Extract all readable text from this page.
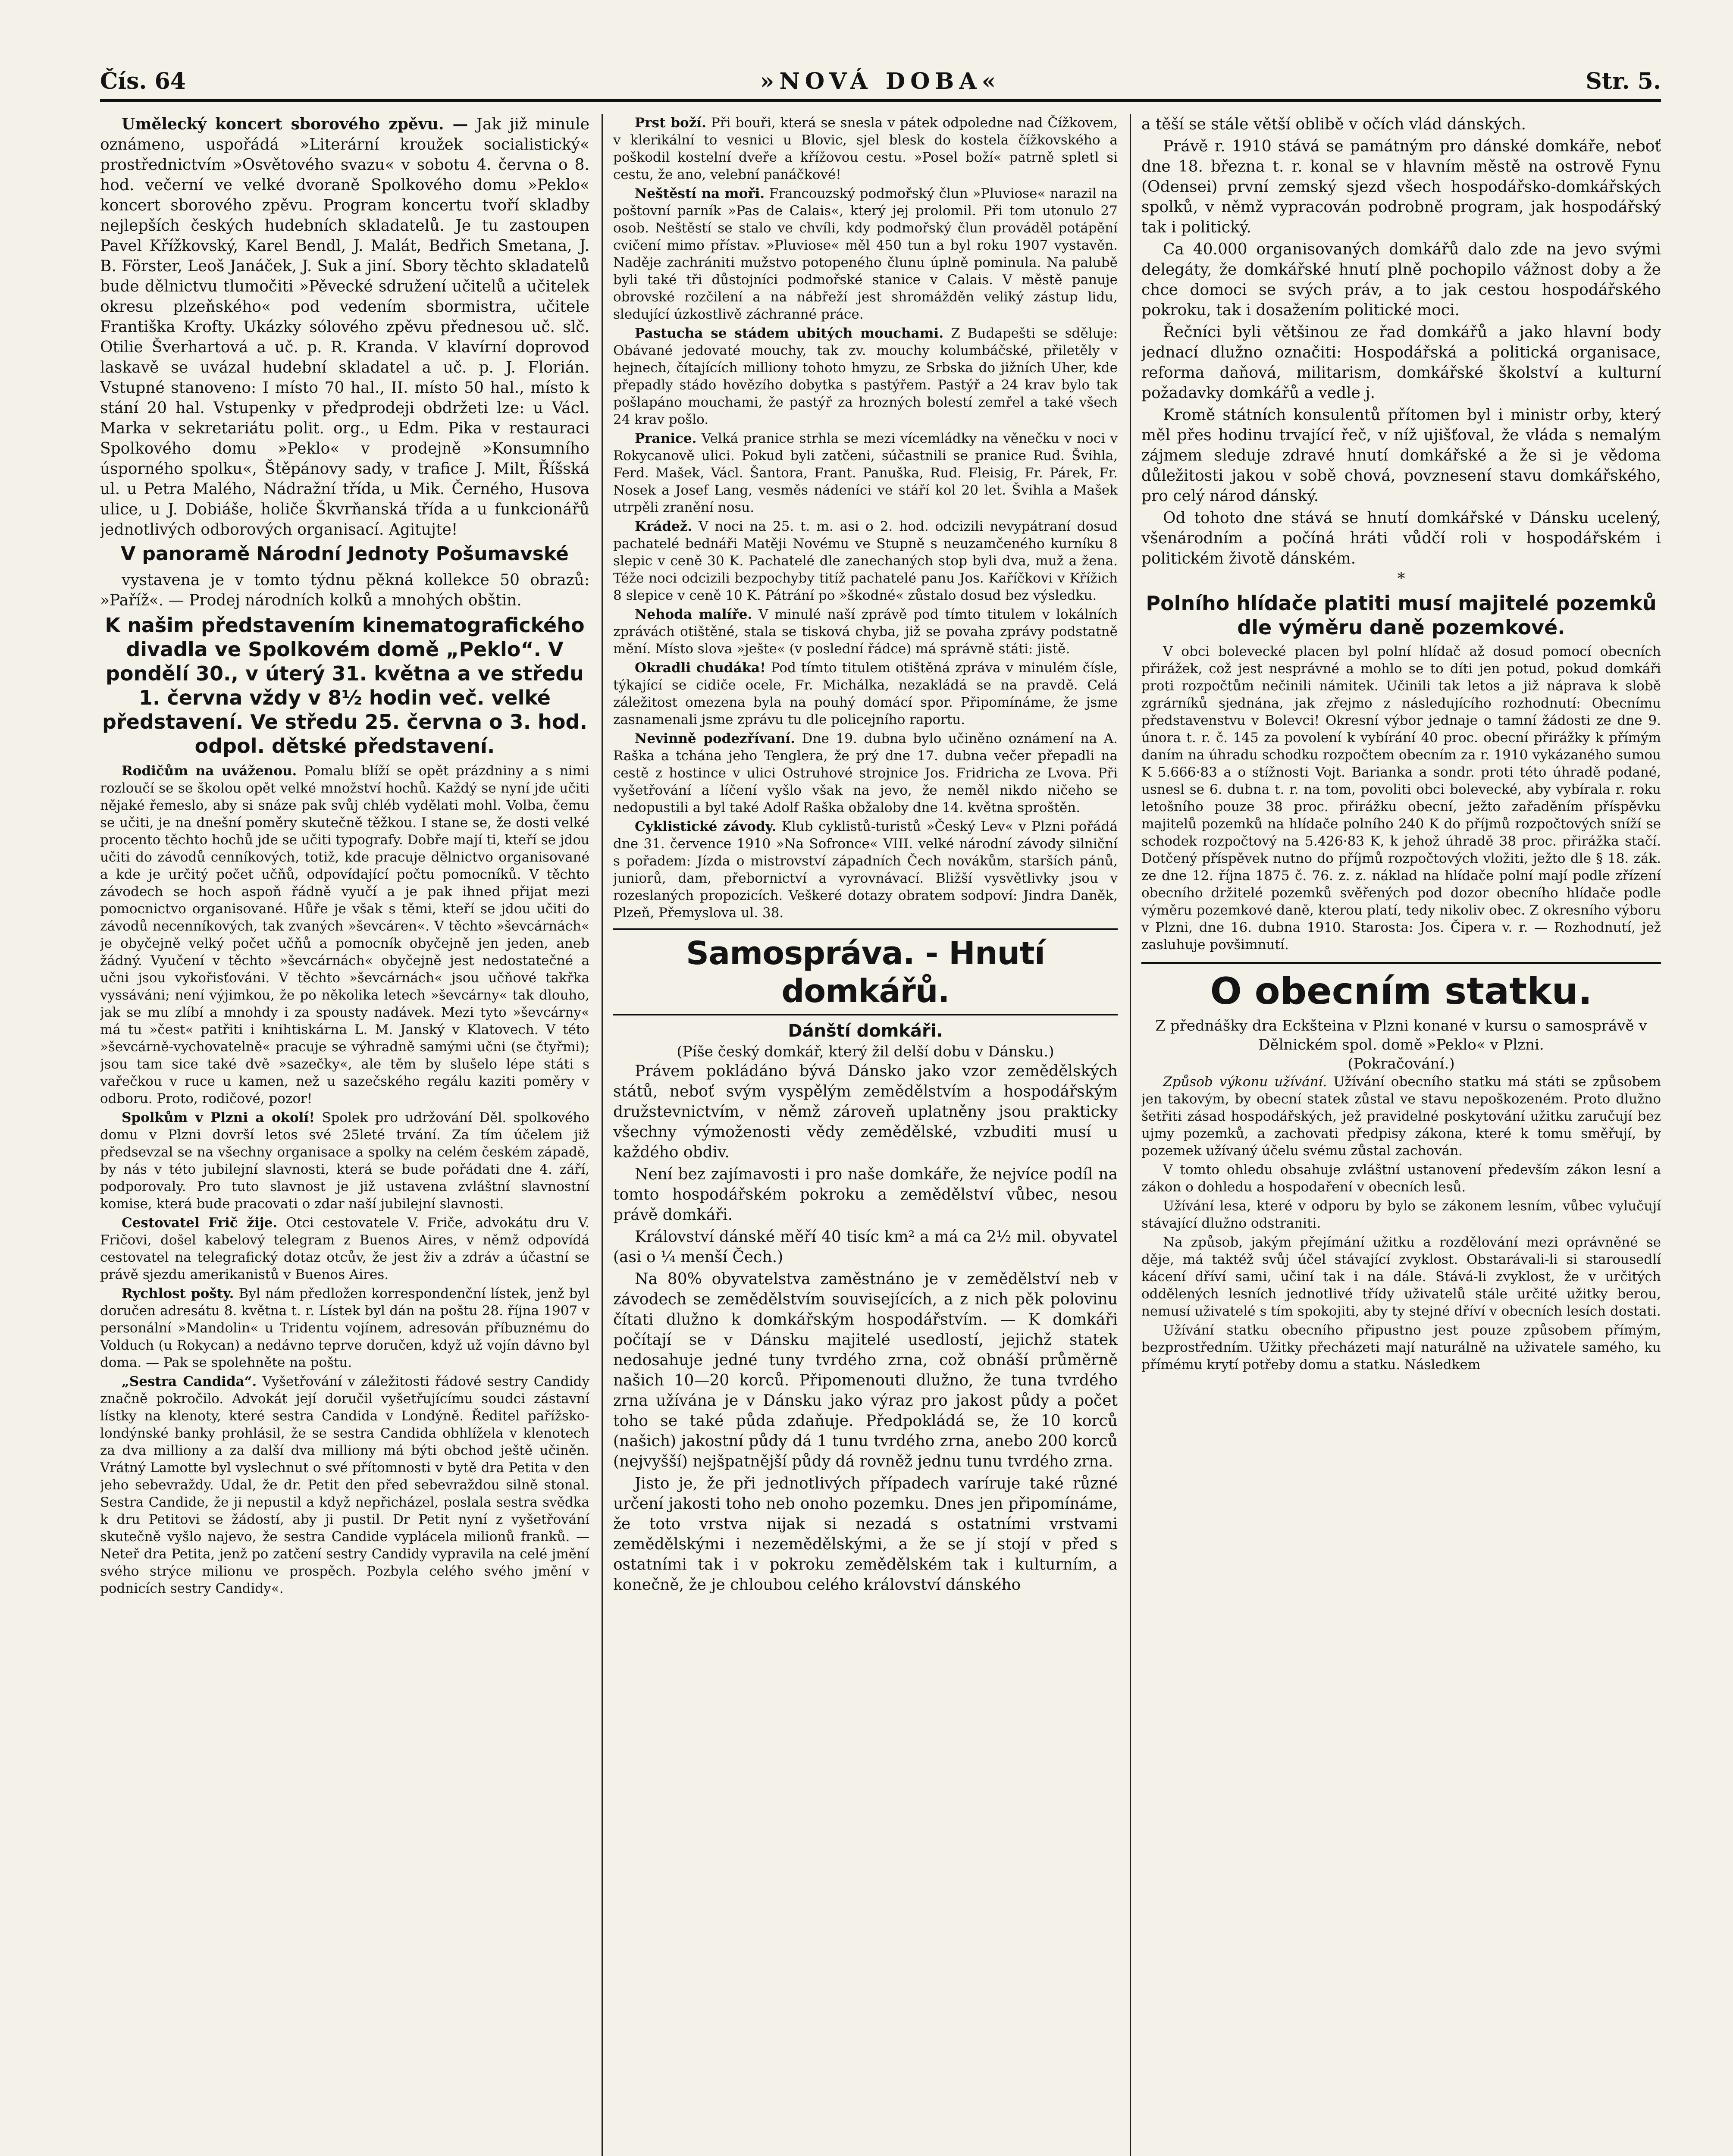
Čís. 64	»NOVÁ DOBA«	Str. 5.

Umělecký koncert sborového zpěvu. — Jak již minule oznámeno, uspořádá »Literární kroužek socialistický« prostřednictvím »Osvětového svazu« v sobotu 4. června o 8. hod. večerní ve velké dvoraně Spolkového domu »Peklo« koncert sborového zpěvu. Program koncertu tvoří skladby nejlepších českých hudebních skladatelů. Je tu zastoupen Pavel Křížkovský, Karel Bendl, J. Malát, Bedřich Smetana, J. B. Förster, Leoš Janáček, J. Suk a jiní. Sbory těchto skladatelů bude dělnictvu tlumočiti »Pěvecké sdružení učitelů a učitelek okresu plzeňského« pod vedením sbormistra, učitele Františka Krofty. Ukázky sólového zpěvu přednesou uč. slč. Otilie Šverhartová a uč. p. R. Kranda. V klavírní doprovod laskavě se uvázal hudební skladatel a uč. p. J. Florián. Vstupné stanoveno: I místo 70 hal., II. místo 50 hal., místo k stání 20 hal. Vstupenky v předprodeji obdržeti lze: u Václ. Marka v sekretariátu polit. org., u Edm. Pika v restauraci Spolkového domu »Peklo« v prodejně »Konsumního úsporného spolku«, Štěpánovy sady, v trafice J. Milt, Říšská ul. u Petra Malého, Nádražní třída, u Mik. Černého, Husova ulice, u J. Dobiáše, holiče Škvrňanská třída a u funkcionářů jednotlivých odborových organisací. Agitujte!

V panoramě Národní Jednoty Pošumavské

vystavena je v tomto týdnu pěkná kollekce 50 obrazů: »Paříž«. — Prodej národních kolků a mnohých obštin.

K našim představením kinematografického divadla ve Spolkovém domě „Peklo“. V pondělí 30., v úterý 31. května a ve středu 1. června vždy v 8½ hodin več. velké představení. Ve středu 25. června o 3. hod. odpol. dětské představení.

Rodičům na uváženou. Pomalu blíží se opět prázdniny a s nimi rozloučí se se školou opět velké množství hochů. Každý se nyní jde učiti nějaké řemeslo, aby si snáze pak svůj chléb vydělati mohl. Volba, čemu se učiti, je na dnešní poměry skutečně těžkou. I stane se, že dosti velké procento těchto hochů jde se učiti typografy. Dobře mají ti, kteří se jdou učiti do závodů cenníkových, totiž, kde pracuje dělnictvo organisované a kde je určitý počet učňů, odpovídající počtu pomocníků. V těchto závodech se hoch aspoň řádně vyučí a je pak ihned přijat mezi pomocnictvo organisované. Hůře je však s těmi, kteří se jdou učiti do závodů necenníkových, tak zvaných »ševcáren«. V těchto »ševcárnách« je obyčejně velký počet učňů a pomocník obyčejně jen jeden, aneb žádný. Vyučení v těchto »ševcárnách« obyčejně jest nedostatečné a učni jsou vykořisťováni. V těchto »ševcárnách« jsou učňové takřka vyssáváni; není výjimkou, že po několika letech »ševcárny« tak dlouho, jak se mu zlíbí a mnohdy i za spousty nadávek. Mezi tyto »ševcárny« má tu »čest« patřiti i knihtiskárna L. M. Janský v Klatovech. V této »ševcárně-vychovatelně« pracuje se výhradně samými učni (se čtyřmi); jsou tam sice také dvě »sazečky«, ale těm by slušelo lépe státi s vařečkou v ruce u kamen, než u sazečského regálu kaziti poměry v odboru. Proto, rodičové, pozor!

Spolkům v Plzni a okolí! Spolek pro udržování Děl. spolkového domu v Plzni dovrší letos své 25leté trvání. Za tím účelem již předsevzal se na všechny organisace a spolky na celém českém západě, by nás v této jubilejní slavnosti, která se bude pořádati dne 4. září, podporovaly. Pro tuto slavnost je již ustavena zvláštní slavnostní komise, která bude pracovati o zdar naší jubilejní slavnosti.

Cestovatel Frič žije. Otci cestovatele V. Friče, advokátu dru V. Fričovi, došel kabelový telegram z Buenos Aires, v němž odpovídá cestovatel na telegrafický dotaz otcův, že jest živ a zdráv a účastní se právě sjezdu amerikanistů v Buenos Aires.

Rychlost pošty. Byl nám předložen korrespondenční lístek, jenž byl doručen adresátu 8. května t. r. Lístek byl dán na poštu 28. října 1907 v personální »Mandolin« u Tridentu vojínem, adresován příbuznému do Volduch (u Rokycan) a nedávno teprve doručen, když už vojín dávno byl doma. — Pak se spolehněte na poštu.

„Sestra Candida“. Vyšetřování v záležitosti řádové sestry Candidy značně pokročilo. Advokát její doručil vyšetřujícímu soudci zástavní lístky na klenoty, které sestra Candida v Londýně. Ředitel pařížsko-londýnské banky prohlásil, že se sestra Candida obhlížela v klenotech za dva milliony a za další dva milliony má býti obchod ještě učiněn. Vrátný Lamotte byl vyslechnut o své přítomnosti v bytě dra Petita v den jeho sebevraždy. Udal, že dr. Petit den před sebevraždou silně stonal. Sestra Candide, že ji nepustil a když nepřicházel, poslala sestra svědka k dru Petitovi se žádostí, aby ji pustil. Dr Petit nyní z vyšetřování skutečně vyšlo najevo, že sestra Candide vyplácela milionů franků. — Neteř dra Petita, jenž po zatčení sestry Candidy vypravila na celé jmění svého strýce milionu ve prospěch. Pozbyla celého svého jmění v podnicích sestry Candidy«.

Prst boží. Při bouři, která se snesla v pátek odpoledne nad Čížkovem, v klerikální to vesnici u Blovic, sjel blesk do kostela čížkovského a poškodil kostelní dveře a křížovou cestu. »Posel boží« patrně spletl si cestu, že ano, velební panáčkové!

Neštěstí na moři. Francouzský podmořský člun »Pluviose« narazil na poštovní parník »Pas de Calais«, který jej prolomil. Při tom utonulo 27 osob. Neštěstí se stalo ve chvíli, kdy podmořský člun prováděl potápění cvičení mimo přístav. »Pluviose« měl 450 tun a byl roku 1907 vystavěn. Naděje zachrániti mužstvo potopeného člunu úplně pominula. Na palubě byli také tři důstojníci podmořské stanice v Calais. V městě panuje obrovské rozčilení a na nábřeží jest shromážděn veliký zástup lidu, sledující úzkostlivě záchranné práce.

Pastucha se stádem ubitých mouchami. Z Budapešti se sděluje: Obávané jedovaté mouchy, tak zv. mouchy kolumbáčské, přiletěly v hejnech, čítajících milliony tohoto hmyzu, ze Srbska do jižních Uher, kde přepadly stádo hovězího dobytka s pastýřem. Pastýř a 24 krav bylo tak pošlapáno mouchami, že pastýř za hrozných bolestí zemřel a také všech 24 krav pošlo.

Pranice. Velká pranice strhla se mezi vícemládky na věnečku v noci v Rokycanově ulici. Pokud byli zatčeni, súčastnili se pranice Rud. Švihla, Ferd. Mašek, Václ. Šantora, Frant. Panuška, Rud. Fleisig, Fr. Párek, Fr. Nosek a Josef Lang, vesměs nádeníci ve stáří kol 20 let. Švihla a Mašek utrpěli zranění nosu.

Krádež. V noci na 25. t. m. asi o 2. hod. odcizili nevypátraní dosud pachatelé bednáři Matěji Novému ve Stupně s neuzamčeného kurníku 8 slepic v ceně 30 K. Pachatelé dle zanechaných stop byli dva, muž a žena. Téže noci odcizili bezpochyby titíž pachatelé panu Jos. Kaříčkovi v Křížich 8 slepice v ceně 10 K. Pátrání po »škodné« zůstalo dosud bez výsledku.

Nehoda malíře. V minulé naší zprávě pod tímto titulem v lokálních zprávách otištěné, stala se tisková chyba, již se povaha zprávy podstatně mění. Místo slova »ješte« (v poslední řádce) má správně státi: jistě.

Okradli chudáka! Pod tímto titulem otištěná zpráva v minulém čísle, týkající se cidiče ocele, Fr. Michálka, nezakládá se na pravdě. Celá záležitost omezena byla na pouhý domácí spor. Připomínáme, že jsme zasnamenali jsme zprávu tu dle policejního raportu.

Nevinně podezřívaní. Dne 19. dubna bylo učiněno oznámení na A. Raška a tchána jeho Tenglera, že prý dne 17. dubna večer přepadli na cestě z hostince v ulici Ostruhové strojnice Jos. Fridricha ze Lvova. Při vyšetřování a líčení vyšlo však na jevo, že neměl nikdo ničeho se nedopustili a byl také Adolf Raška obžaloby dne 14. května sproštěn.

Cyklistické závody. Klub cyklistů-turistů »Český Lev« v Plzni pořádá dne 31. července 1910 »Na Sofronce« VIII. velké národní závody silniční s pořadem: Jízda o mistrovství západních Čech novákům, starších pánů, juniorů, dam, přebornictví a vyrovnávací. Bližší vysvětlivky jsou v rozeslaných propozicích. Veškeré dotazy obratem sodpoví: Jindra Daněk, Plzeň, Přemyslova ul. 38.

Samospráva. - Hnutí domkářů.
Dánští domkáři.
(Píše český domkář, který žil delší dobu v Dánsku.)

Právem pokládáno bývá Dánsko jako vzor zemědělských států, neboť svým vyspělým zemědělstvím a hospodářským družstevnictvím, v němž zároveň uplatněny jsou prakticky všechny výmoženosti vědy zemědělské, vzbuditi musí u každého obdiv.

Není bez zajímavosti i pro naše domkáře, že nejvíce podíl na tomto hospodářském pokroku a zemědělství vůbec, nesou právě domkáři.

Království dánské měří 40 tisíc km² a má ca 2½ mil. obyvatel (asi o ¼ menší Čech.)

Na 80% obyvatelstva zaměstnáno je v zemědělství neb v závodech se zemědělstvím souvisejících, a z nich pěk polovinu čítati dlužno k domkářským hospodářstvím. — K domkáři počítají se v Dánsku majitelé usedlostí, jejichž statek nedosahuje jedné tuny tvrdého zrna, což obnáší průměrně našich 10—20 korců. Připomenouti dlužno, že tuna tvrdého zrna užívána je v Dánsku jako výraz pro jakost půdy a počet toho se také půda zdaňuje. Předpokládá se, že 10 korců (našich) jakostní půdy dá 1 tunu tvrdého zrna, anebo 200 korců (nejvyšší) nejšpatnější půdy dá rovněž jednu tunu tvrdého zrna.

Jisto je, že při jednotlivých případech varíruje také různé určení jakosti toho neb onoho pozemku. Dnes jen připomínáme, že toto vrstva nijak si nezadá s ostatními vrstvami zemědělskými i nezemědělskými, a že se jí stojí v před s ostatními tak i v pokroku zemědělském tak i kulturním, a konečně, že je chloubou celého království dánského

a těší se stále větší oblibě v očích vlád dánských.

Právě r. 1910 stává se památným pro dánské domkáře, neboť dne 18. března t. r. konal se v hlavním městě na ostrově Fynu (Odensei) první zemský sjezd všech hospodářsko-domkářských spolků, v němž vypracován podrobně program, jak hospodářský tak i politický.

Ca 40.000 organisovaných domkářů dalo zde na jevo svými delegáty, že domkářské hnutí plně pochopilo vážnost doby a že chce domoci se svých práv, a to jak cestou hospodářského pokroku, tak i dosažením politické moci.

Řečníci byli většinou ze řad domkářů a jako hlavní body jednací dlužno označiti: Hospodářská a politická organisace, reforma daňová, militarism, domkářské školství a kulturní požadavky domkářů a vedle j.

Kromě státních konsulentů přítomen byl i ministr orby, který měl přes hodinu trvající řeč, v níž ujišťoval, že vláda s nemalým zájmem sleduje zdravé hnutí domkářské a že si je vědoma důležitosti jakou v sobě chová, povznesení stavu domkářského, pro celý národ dánský.

Od tohoto dne stává se hnutí domkářské v Dánsku ucelený, všenárodním a počíná hráti vůdčí roli v hospodářském i politickém životě dánském.

*
Polního hlídače platiti musí majitelé pozemků dle výměru daně pozemkové.

V obci bolevecké placen byl polní hlídač až dosud pomocí obecních přirážek, což jest nesprávné a mohlo se to díti jen potud, pokud domkáři proti rozpočtům nečinili námitek. Učinili tak letos a již náprava k slobě zgrárníků sjednána, jak zřejmo z následujícího rozhodnutí: Obecnímu představenstvu v Bolevci! Okresní výbor jednaje o tamní žádosti ze dne 9. února t. r. č. 145 za povolení k vybírání 40 proc. obecní přirážky k přímým daním na úhradu schodku rozpočtem obecním za r. 1910 vykázaného sumou K 5.666·83 a o stížnosti Vojt. Barianka a sondr. proti této úhradě podané, usnesl se 6. dubna t. r. na tom, povoliti obci bolevecké, aby vybírala r. roku letošního pouze 38 proc. přirážku obecní, ježto zařaděním příspěvku majitelů pozemků na hlídače polního 240 K do příjmů rozpočtových sníží se schodek rozpočtový na 5.426·83 K, k jehož úhradě 38 proc. přirážka stačí. Dotčený příspěvek nutno do příjmů rozpočtových vložiti, ježto dle § 18. zák. ze dne 12. října 1875 č. 76. z. z. náklad na hlídače polní mají podle zřízení obecního držitelé pozemků svěřených pod dozor obecního hlídače podle výměru pozemkové daně, kterou platí, tedy nikoliv obec. Z okresního výboru v Plzni, dne 16. dubna 1910. Starosta: Jos. Čipera v. r. — Rozhodnutí, jež zasluhuje povšimnutí.

O obecním statku.
Z přednášky dra Eckšteina v Plzni konané v kursu o samosprávě v Dělnickém spol. domě »Peklo« v Plzni.
(Pokračování.)

Způsob výkonu užívání. Užívání obecního statku má státi se způsobem jen takovým, by obecní statek zůstal ve stavu nepoškozeném. Proto dlužno šetřiti zásad hospodářských, jež pravidelné poskytování užitku zaručují bez ujmy pozemků, a zachovati předpisy zákona, které k tomu směřují, by pozemek užívaný účelu svému zůstal zachován.

V tomto ohledu obsahuje zvláštní ustanovení především zákon lesní a zákon o dohledu a hospodaření v obecních lesů.

Užívání lesa, které v odporu by bylo se zákonem lesním, vůbec vylučují stávající dlužno odstraniti.

Na způsob, jakým přejímání užitku a rozdělování mezi oprávněné se děje, má taktéž svůj účel stávající zvyklost. Obstarávali-li si starousedlí kácení dříví sami, učiní tak i na dále. Stává-li zvyklost, že v určitých oddělených lesních jednotlivé třídy uživatelů stále určité užitky berou, nemusí uživatelé s tím spokojiti, aby ty stejné dříví v obecních lesích dostati.

Užívání statku obecního připustno jest pouze způsobem přímým, bezprostředním. Užitky přecházeti mají naturálně na uživatele samého, ku přímému krytí potřeby domu a statku. Následkem
